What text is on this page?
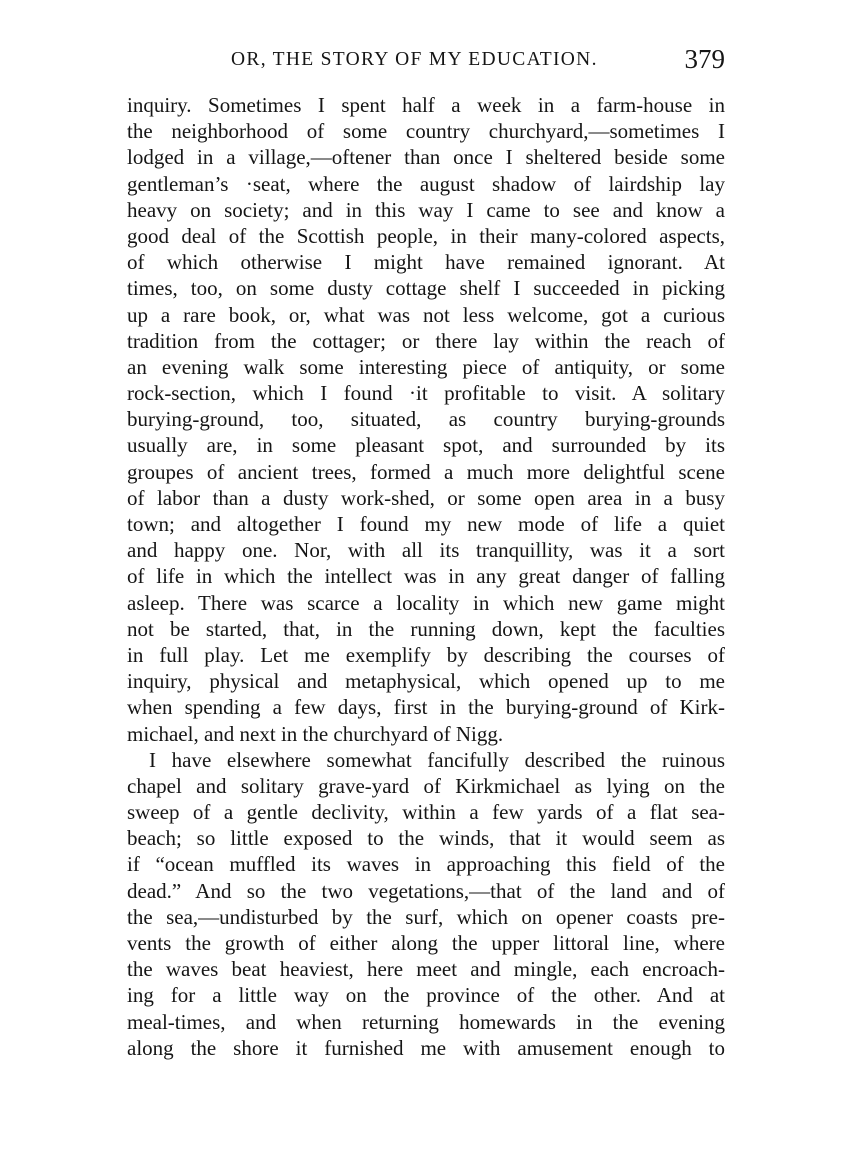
OR, THE STORY OF MY EDUCATION.	379
inquiry. Sometimes I spent half a week in a farm-house in
the neighborhood of some country churchyard,—sometimes I
lodged in a village,—oftener than once I sheltered beside some
gentleman’s ·seat, where the august shadow of lairdship lay
heavy on society; and in this way I came to see and know a
good deal of the Scottish people, in their many-colored aspects,
of which otherwise I might have remained ignorant. At
times, too, on some dusty cottage shelf I succeeded in picking
up a rare book, or, what was not less welcome, got a curious
tradition from the cottager; or there lay within the reach of
an evening walk some interesting piece of antiquity, or some
rock-section, which I found ·it profitable to visit. A solitary
burying-ground, too, situated, as country burying-grounds
usually are, in some pleasant spot, and surrounded by its
groupes of ancient trees, formed a much more delightful scene
of labor than a dusty work-shed, or some open area in a busy
town; and altogether I found my new mode of life a quiet
and happy one. Nor, with all its tranquillity, was it a sort
of life in which the intellect was in any great danger of falling
asleep. There was scarce a locality in which new game might
not be started, that, in the running down, kept the faculties
in full play. Let me exemplify by describing the courses of
inquiry, physical and metaphysical, which opened up to me
when spending a few days, first in the burying-ground of Kirk-
michael, and next in the churchyard of Nigg.
I have elsewhere somewhat fancifully described the ruinous
chapel and solitary grave-yard of Kirkmichael as lying on the
sweep of a gentle declivity, within a few yards of a flat sea-
beach; so little exposed to the winds, that it would seem as
if “ocean muffled its waves in approaching this field of the
dead.” And so the two vegetations,—that of the land and of
the sea,—undisturbed by the surf, which on opener coasts pre-
vents the growth of either along the upper littoral line, where
the waves beat heaviest, here meet and mingle, each encroach-
ing for a little way on the province of the other. And at
meal-times, and when returning homewards in the evening
along the shore it furnished me with amusement enough to
